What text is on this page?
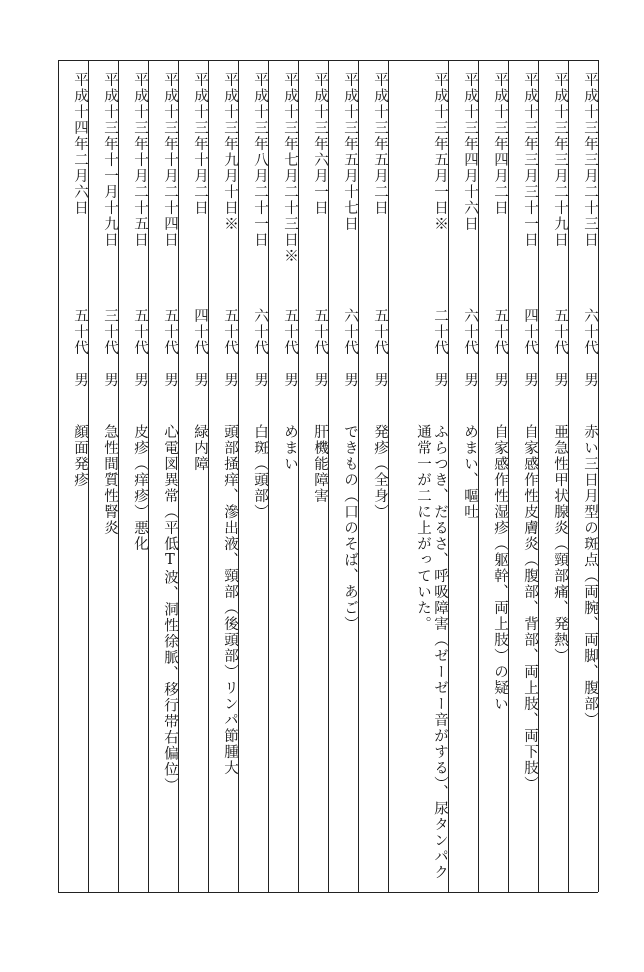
平成十三年三月二十三日
六十代
男
赤い三日月型の斑点（両腕、両脚、腹部）
平成十三年三月二十九日
五十代
男
亜急性甲状腺炎（頸部痛、発熱）
平成十三年三月三十一日
四十代
男
自家感作性皮膚炎（腹部、背部、両上肢、両下肢）
平成十三年四月二日
五十代
男
自家感作性湿疹（躯幹、両上肢）の疑い
平成十三年四月十六日
六十代
男
めまい、嘔吐
平成十三年五月一日※
二十代
男
ふらつき、だるさ、呼吸障害（ゼーゼー音がする）、尿タンパク通常一が二に上がっていた。
平成十三年五月二日
五十代
男
発疹（全身）
平成十三年五月十七日
六十代
男
できもの（口のそば、あご）
平成十三年六月一日
五十代
男
肝機能障害
平成十三年七月二十三日※
五十代
男
めまい
平成十三年八月二十一日
六十代
男
白斑（頭部）
平成十三年九月十日※
五十代
男
頭部掻痒、滲出液、頸部（後頭部）リンパ節腫大
平成十三年十月二日
四十代
男
緑内障
平成十三年十月二十四日
五十代
男
心電図異常（平低T波、洞性徐脈、移行帯右偏位）
平成十三年十月二十五日
五十代
男
皮疹（痒疹）悪化
平成十三年十一月十九日
三十代
男
急性間質性腎炎
平成十四年二月六日
五十代
男
顔面発疹
